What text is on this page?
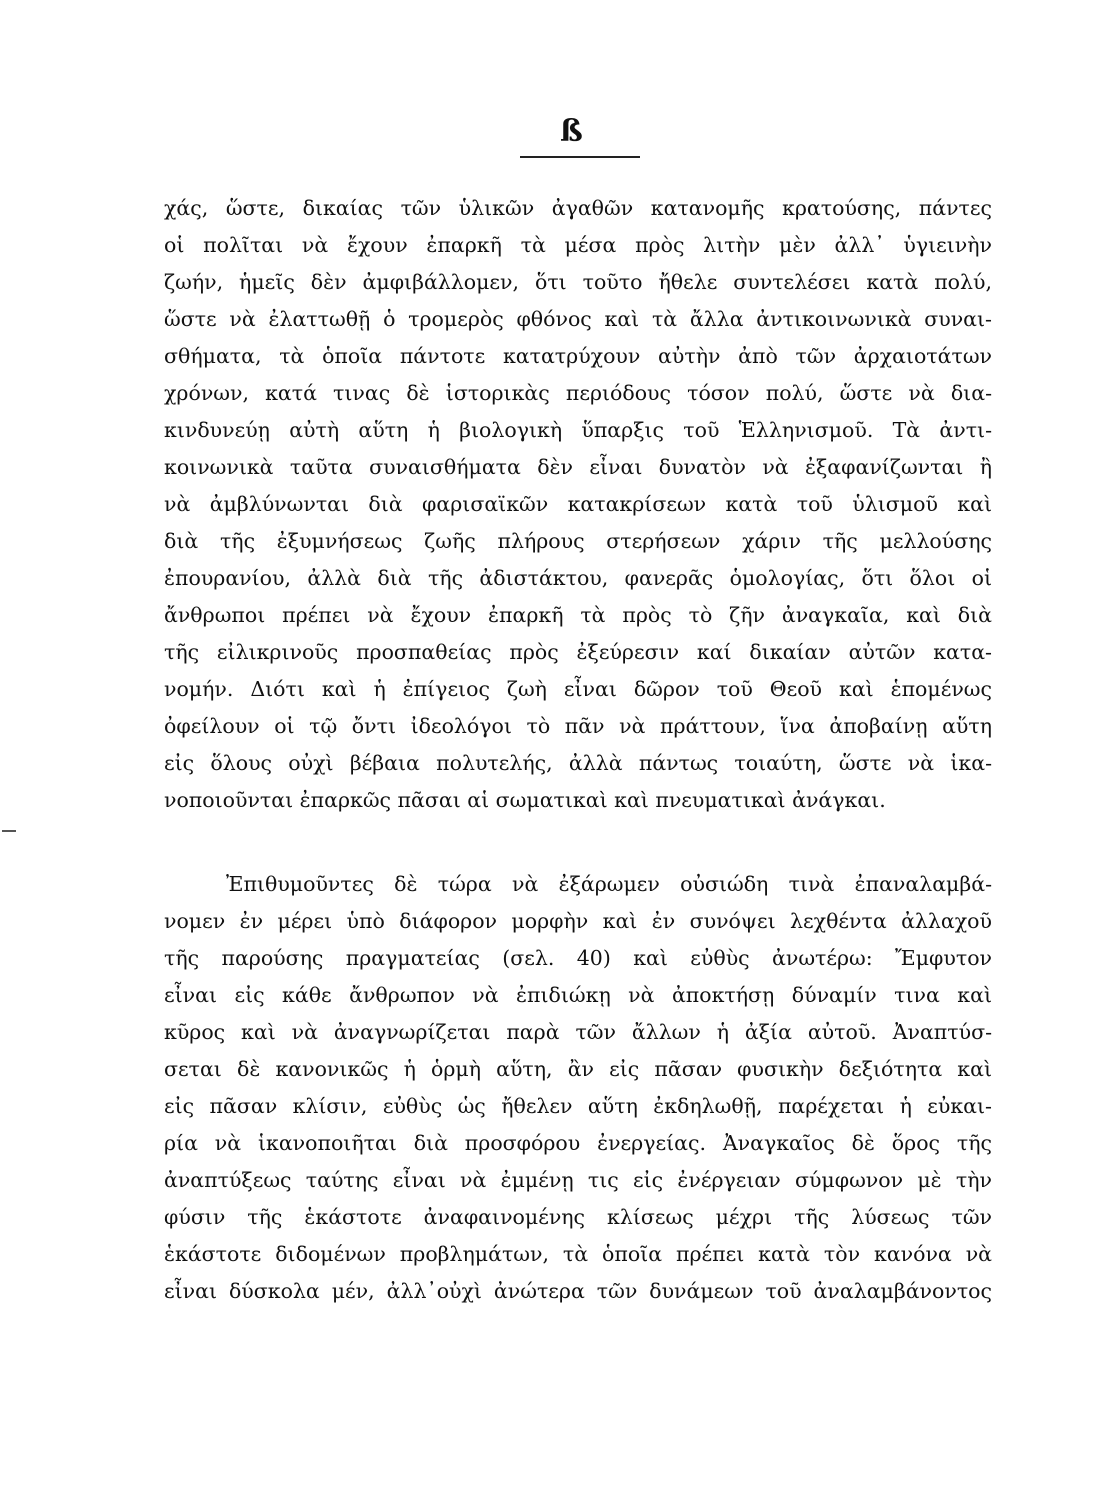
ß
χάς, ὥστε, δικαίας τῶν ὑλικῶν ἀγαθῶν κατανομῆς κρατούσης, πάντες
οἱ πολῖται νὰ ἔχουν ἐπαρκῆ τὰ μέσα πρὸς λιτὴν μὲν ἀλλ᾽ ὑγιεινὴν
ζωήν, ἡμεῖς δὲν ἀμφιβάλλομεν, ὅτι τοῦτο ἤθελε συντελέσει κατὰ πολύ,
ὥστε νὰ ἐλαττωθῇ ὁ τρομερὸς φθόνος καὶ τὰ ἄλλα ἀντικοινωνικὰ συναι-
σθήματα, τὰ ὁποῖα πάντοτε κατατρύχουν αὐτὴν ἀπὸ τῶν ἀρχαιοτάτων
χρόνων, κατά τινας δὲ ἱστορικὰς περιόδους τόσον πολύ, ὥστε νὰ δια-
κινδυνεύῃ αὐτὴ αὕτη ἡ βιολογικὴ ὕπαρξις τοῦ Ἑλληνισμοῦ. Τὰ ἀντι-
κοινωνικὰ ταῦτα συναισθήματα δὲν εἶναι δυνατὸν νὰ ἐξαφανίζωνται ἢ
νὰ ἀμβλύνωνται διὰ φαρισαϊκῶν κατακρίσεων κατὰ τοῦ ὑλισμοῦ καὶ
διὰ τῆς ἐξυμνήσεως ζωῆς πλήρους στερήσεων χάριν τῆς μελλούσης
ἐπουρανίου, ἀλλὰ διὰ τῆς ἀδιστάκτου, φανερᾶς ὁμολογίας, ὅτι ὅλοι οἱ
ἄνθρωποι πρέπει νὰ ἔχουν ἐπαρκῆ τὰ πρὸς τὸ ζῆν ἀναγκαῖα, καὶ διὰ
τῆς εἰλικρινοῦς προσπαθείας πρὸς ἐξεύρεσιν καί δικαίαν αὐτῶν κατα-
νομήν. Διότι καὶ ἡ ἐπίγειος ζωὴ εἶναι δῶρον τοῦ Θεοῦ καὶ ἑπομένως
ὀφείλουν οἱ τῷ ὄντι ἰδεολόγοι τὸ πᾶν νὰ πράττουν, ἵνα ἀποβαίνῃ αὕτη
εἰς ὅλους οὐχὶ βέβαια πολυτελής, ἀλλὰ πάντως τοιαύτη, ὥστε νὰ ἱκα-
νοποιοῦνται ἐπαρκῶς πᾶσαι αἱ σωματικαὶ καὶ πνευματικαὶ ἀνάγκαι.
Ἐπιθυμοῦντες δὲ τώρα νὰ ἐξάρωμεν οὐσιώδη τινὰ ἐπαναλαμβά-
νομεν ἐν μέρει ὑπὸ διάφορον μορφὴν καὶ ἐν συνόψει λεχθέντα ἀλλαχοῦ
τῆς παρούσης πραγματείας (σελ. 40) καὶ εὐθὺς ἀνωτέρω: Ἔμφυτον
εἶναι εἰς κάθε ἄνθρωπον νὰ ἐπιδιώκῃ νὰ ἀποκτήσῃ δύναμίν τινα καὶ
κῦρος καὶ νὰ ἀναγνωρίζεται παρὰ τῶν ἄλλων ἡ ἀξία αὐτοῦ. Ἀναπτύσ-
σεται δὲ κανονικῶς ἡ ὁρμὴ αὕτη, ἂν εἰς πᾶσαν φυσικὴν δεξιότητα καὶ
εἰς πᾶσαν κλίσιν, εὐθὺς ὡς ἤθελεν αὕτη ἐκδηλωθῇ, παρέχεται ἡ εὐκαι-
ρία νὰ ἱκανοποιῆται διὰ προσφόρου ἐνεργείας. Ἀναγκαῖος δὲ ὅρος τῆς
ἀναπτύξεως ταύτης εἶναι νὰ ἐμμένῃ τις εἰς ἐνέργειαν σύμφωνον μὲ τὴν
φύσιν τῆς ἑκάστοτε ἀναφαινομένης κλίσεως μέχρι τῆς λύσεως τῶν
ἑκάστοτε διδομένων προβλημάτων, τὰ ὁποῖα πρέπει κατὰ τὸν κανόνα νὰ
εἶναι δύσκολα μέν, ἀλλ᾽οὐχὶ ἀνώτερα τῶν δυνάμεων τοῦ ἀναλαμβάνοντος
